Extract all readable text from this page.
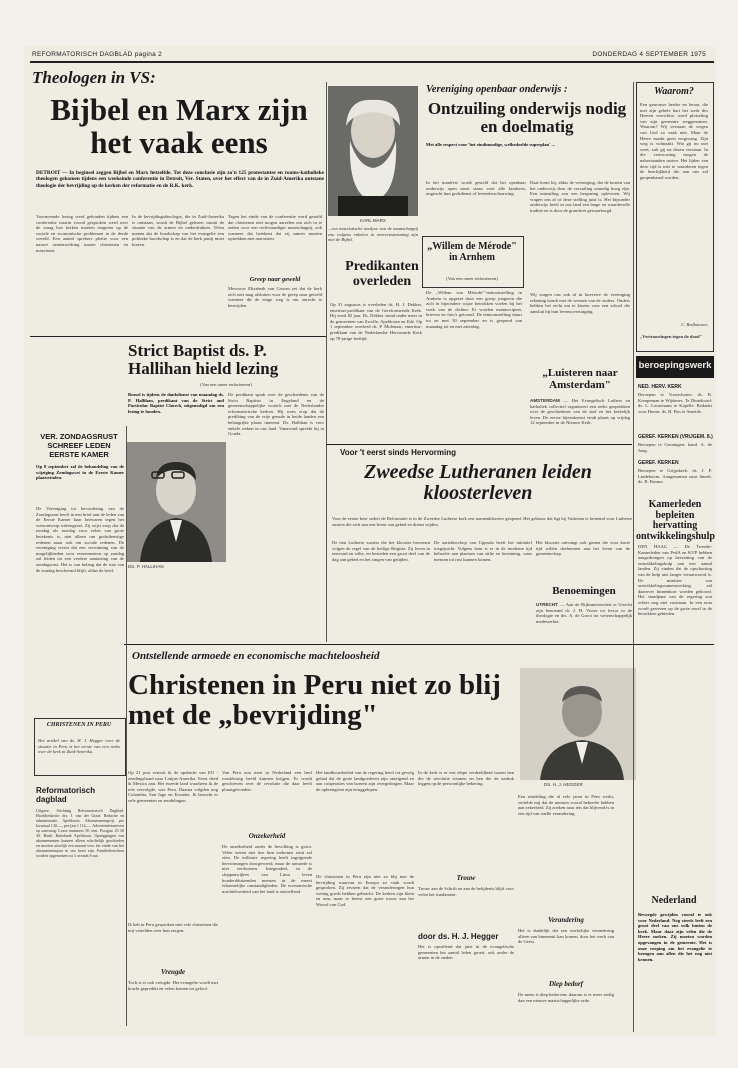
REFORMATORISCH DAGBLAD pagina 2	DONDERDAG 4 SEPTEMBER 1975
Theologen in VS:
Bijbel en Marx zijn het vaak eens
DETROIT — In beginsel zeggen Bijbel en Marx hetzelfde. Tot deze conclusie zijn zo'n 125 protestantse en rooms-katholieke theologen gekomen tijdens een weekeinde conferentie in Detroit, Ver. Staten, over het effect van de in Zuid-Amerika ontstane theologie der bevrijding op de kerken der reformatie en de R.K. kerk.
Voornoemde lezing werd gehouden tijdens een conferentie waarin vooral gesproken werd over de vraag hoe kerken moeten reageren op de sociale en economische problemen in de derde wereld. Een aantal sprekers pleitte voor een nauwe samenwerking tussen christenen en marxisten.
In de bevrijdingstheologie, die in Zuid-Amerika is ontstaan, wordt de Bijbel gelezen vanuit de situatie van de armen en onderdrukten. Velen menen dat de boodschap van het evangelie een politieke boodschap is en dat de kerk partij moet kiezen.
Tegen het einde van de conferentie werd gesteld dat christenen niet mogen aarzelen om zich in te zetten voor een rechtvaardiger maatschappij, ook wanneer dat betekent dat zij samen moeten optrekken met marxisten.
Greep naar geweld
Mevrouw Elizabeth van Gowen zei dat de kerk zich niet mag afsluiten voor de greep naar geweld wanneer dit de enige weg is om onrecht te bestrijden.
KARL MARX
...een marxistische analyse van de maatschappij zou volgens enkelen in overeenstemming zijn met de Bijbel.
Vereniging openbaar onderwijs :
Ontzuiling onderwijs nodig en doelmatig
Met alle respect voor 'het eindinnodige, welbedoelde superplan' ...
In het manifest wordt gesteld dat het openbaar onderwijs open moet staan voor alle kinderen, ongeacht hun godsdienst of levensbeschouwing.
Daar komt bij, aldus de vereniging, dat de kosten van het onderwijs door de verzuiling onnodig hoog zijn. Een ontzuiling zou een besparing opleveren. Wij vragen ons af of deze stelling juist is. Het bijzonder onderwijs heeft in ons land een lange en waardevolle traditie en is door de grondwet gewaarborgd.
„Willem de Mérode" in Arnhem
(Van een onzer redacteuren)
De „Willem van Mérode\"-tentoonstelling in Arnhem is opgezet door een groep jongeren die zich in bijzondere wijze betrokken voelen bij het werk van de dichter. Er worden manuscripten, brieven en foto's getoond. De tentoonstelling duurt tot en met 30 september en is geopend van maandag tot en met zaterdag.
Wij vragen ons ook af in hoeverre de vereniging rekening houdt met de wensen van de ouders. Ouders hebben het recht om te kiezen voor een school die aansluit bij hun levensovertuiging.
„Luisteren naar Amsterdam"
AMSTERDAM — Het Evangelisch Luthers en katholiek collectief organiseert een reeks gesprekken over de geschiedenis van de stad en het kerkelijk leven. De eerste bijeenkomst vindt plaats op vrijdag 12 september in de Nieuwe Kerk.
Predikanten overleden
Op 31 augustus is overleden ds. H. J. Dekker, emeritus-predikant van de Gereformeerde Kerk. Hij werd 82 jaar. Ds. Dekker stond onder meer in de gemeenten van Zwolle, Apeldoorn en Ede. Op 1 september overleed ds. P. Molenaar, emeritus-predikant van de Nederlandse Hervormde Kerk op 78-jarige leeftijd.
Strict Baptist ds. P. Hallihan hield lezing
(Van een onzer redacteuren)
Brasel is tijdens de dankdienst van maandag ds. P. Hallihan, predikant van de Strict and Particular Baptist Church, uitgenodigd om een lezing te houden.
De predikant sprak over de geschiedenis van de Strict Baptists in Engeland en de gemeenschappelijke wortels met de Nederlandse reformatorische kerken. Hij wees erop dat de prediking van de vrije genade in beide landen een belangrijke plaats inneemt. Ds. Hallihan is voor enkele weken in ons land. Vanavond spreekt hij in Gouda.
DS. P. HALLIHAN
VER. ZONDAGSRUST SCHREEF LEDEN EERSTE KAMER
Op 8 september zal de behandeling van de wijziging Zondagswet in de Eerste Kamer plaatsvinden.
De Vereniging tot bevordering van de Zondagsrust heeft in een brief aan de leden van de Eerste Kamer haar bezwaren tegen het wetsontwerp uiteengezet. Zij wijst erop dat de zondag als rustdag voor velen van grote betekenis is, niet alleen om godsdienstige redenen maar ook om sociale redenen. De vereniging vreest dat een verruiming van de mogelijkheden voor evenementen op zondag zal leiden tot een verdere aantasting van de zondagsrust. Het is van belang dat de rust van de zondag beschermd blijft, aldus de brief.
CHRISTENEN IN PERU
Het artikel van ds. H. J. Hegger over de situatie in Peru is het eerste van een reeks over de kerk in Zuid-Amerika.
Reformatorisch dagblad
Uitgave: Stichting Reformatorisch Dagblad. Hoofdredactie: drs. J. van der Graaf. Redactie en administratie: Apeldoorn. Abonnementsprijs per kwartaal f 30,—, per jaar f 114,—. Advertentietarieven op aanvraag. Losse nummers 50 cent. Postgiro 25 30 30. Bank: Rabobank Apeldoorn. Opzeggingen van abonnementen kunnen alleen schriftelijk geschieden en moeten uiterlijk een maand voor het einde van het abonnementsjaar in ons bezit zijn. Familieberichten worden opgenomen tot 's avonds 8 uur.
Voor 't eerst sinds Hervorming
Zweedse Lutheranen leiden kloosterleven
Voor de eerste keer sedert de Reformatie is in de Zweedse Lutherse kerk een nonnenklooster geopend. Het gebouw dat ligt bij Vadstena is bestemd voor Lutherse zusters die zich aan een leven van gebed en dienst wijden.
De tien Lutherse zusters die het klooster bewonen volgen de regel van de heilige Birgitta. Zij leven in eenvoud en stilte, en besteden een groot deel van de dag aan gebed en het zingen van getijden.
De aartsbisschop van Uppsala heeft het initiatief toegejuicht. Volgens hem is er in de moderne tijd behoefte aan plaatsen van stilte en bezinning, waar mensen tot rust kunnen komen.
Het klooster ontvangt ook gasten die voor korte tijd willen deelnemen aan het leven van de gemeenschap.
Benoemingen
UTRECHT — Aan de Rijksuniversiteit te Utrecht zijn benoemd dr. J. H. Visser tot lector in de theologie en drs. A. de Groot tot wetenschappelijk medewerker.
Waarom?
Een getrouwe herder en leraar, die met zijn gehele hart het werk des Heeren verrichtte, werd plotseling van zijn gemeente weggenomen. Waarom? Wij verstaan de wegen van God zo vaak niet. Maar de Heere maakt geen vergissing. Zijn weg is volmaakt. Wat gij nu niet weet, zult gij na dezen verstaan. In die vertroosting mogen de nabestaanden rusten. Het lijden van deze tijd is niet te waarderen tegen de heerlijkheid die aan ons zal geopenbaard worden.
C. Bedhouwer,
„Vertroostingen tegen de dood"
beroepingswerk
NED. HERV. KERK
Beroepen te Voorschoten: ds. B. Kreupeman te Wijdenes. Te Dinteloord: ds. L. Loosemans te Kapelle. Bedankt voor Hoorn: ds. H. Bos te Ameide.
GEREF. KERKEN (VRIJGEM. 8.)
Beroepen te Groningen: kand. A. de Jong.
GEREF. KERKEN
Beroepen te Grijpskerk: ds. J. P. Lindeboom. Aangenomen naar Sneek: ds. R. Bosma.
Kamerleden bepleiten hervatting ontwikkelingshulp
DEN HAAG — De Tweede-Kamerleden van PvdA en KVP hebben aangedrongen op hervatting van de ontwikkelingshulp aan een aantal landen. Zij vinden dat de opschorting van de hulp niet langer verantwoord is. De minister van ontwikkelingssamenwerking zal daarover binnenkort worden gehoord. Het standpunt van de regering zou echter nog niet vaststaan. In een nota wordt gewezen op de grote nood in de betrokken gebieden.
Ontstellende armoede en economische machteloosheid
Christenen in Peru niet zo blij met de „bevrijding"
DS. H. J. HEGGER
Op 21 juni vertrok ik de opdracht van EO - zendingsbond naar Latijns-Amerika. Eerst deed ik Mexico aan. Het tweede land waarheen ik de reis vervolgde, was Peru. Daarna volgden nog Colombia, San Jago en Ecuador. Ik bezocht er vele gemeenten en zendelingen.
Ik heb in Peru gesproken met vele christenen die mij vertelden over hun zorgen.
Vreugde
Toch is er ook vreugde. Het evangelie wordt met kracht gepredikt en velen komen tot geloof.
Van Peru zou men in Nederland een heel rooskleurig beeld kunnen krijgen. Er wordt geschreven over de revolutie die daar heeft plaatsgevonden.
Onzekerheid
De onzekerheid onder de bevolking is groot. Velen weten niet hoe hun toekomst eruit zal zien. De militaire regering heeft ingrijpende hervormingen doorgevoerd, maar de armoede is niet verdwenen. Integendeel, in de sloppenwijken van Lima leven honderdduizenden mensen in de meest erbarmelijke omstandigheden. De economische machteloosheid van het land is ontstellend.
Het landbouwbeleid van de regering heeft tot gevolg gehad dat de grote landgoederen zijn onteigend en aan coöperaties van boeren zijn overgedragen. Maar de opbrengsten zijn teruggelopen.
Trouw
De christenen in Peru zijn niet zo blij met de bevrijding waarvan in Europa zo vaak wordt gesproken. Zij ervaren dat de veranderingen hun weinig goeds hebben gebracht. De kerken zijn klein en arm, maar er heerst een grote trouw aan het Woord van God.
In de kerk is er een diepe verdeeldheid tussen hen die de revolutie steunen en hen die de nadruk leggen op de persoonlijke bekering.
Trouw aan de Schrift en aan de belijdenis blijft voor velen het fundament.
door ds. H. J. Hegger
Het is opvallend dat juist in de evangelische gemeenten het aantal leden groeit, ook onder de armen in de steden.
Een zendeling die al vele jaren in Peru werkt, vertelde mij dat de mensen vooral behoefte hebben aan zekerheid. Zij zoeken naar iets dat blijvend is in een tijd van snelle verandering.
Verandering
Het is duidelijk dat een werkelijke verandering alleen van binnenuit kan komen, door het werk van de Geest.
Diep bedorf
De mens is diep bedorven; daarom is er meer nodig dan een nieuwe maatschappelijke orde.
Nederland
Bevoegde gewijden vooral te ook voor Nederland. Nog steeds leeft een groot deel van ons volk buiten de kerk. Maar daar zijn velen die de Heere zoeken. Zij moeten worden opgevangen in de gemeente. Het is onze roeping om het evangelie te brengen aan allen die het nog niet kennen.
